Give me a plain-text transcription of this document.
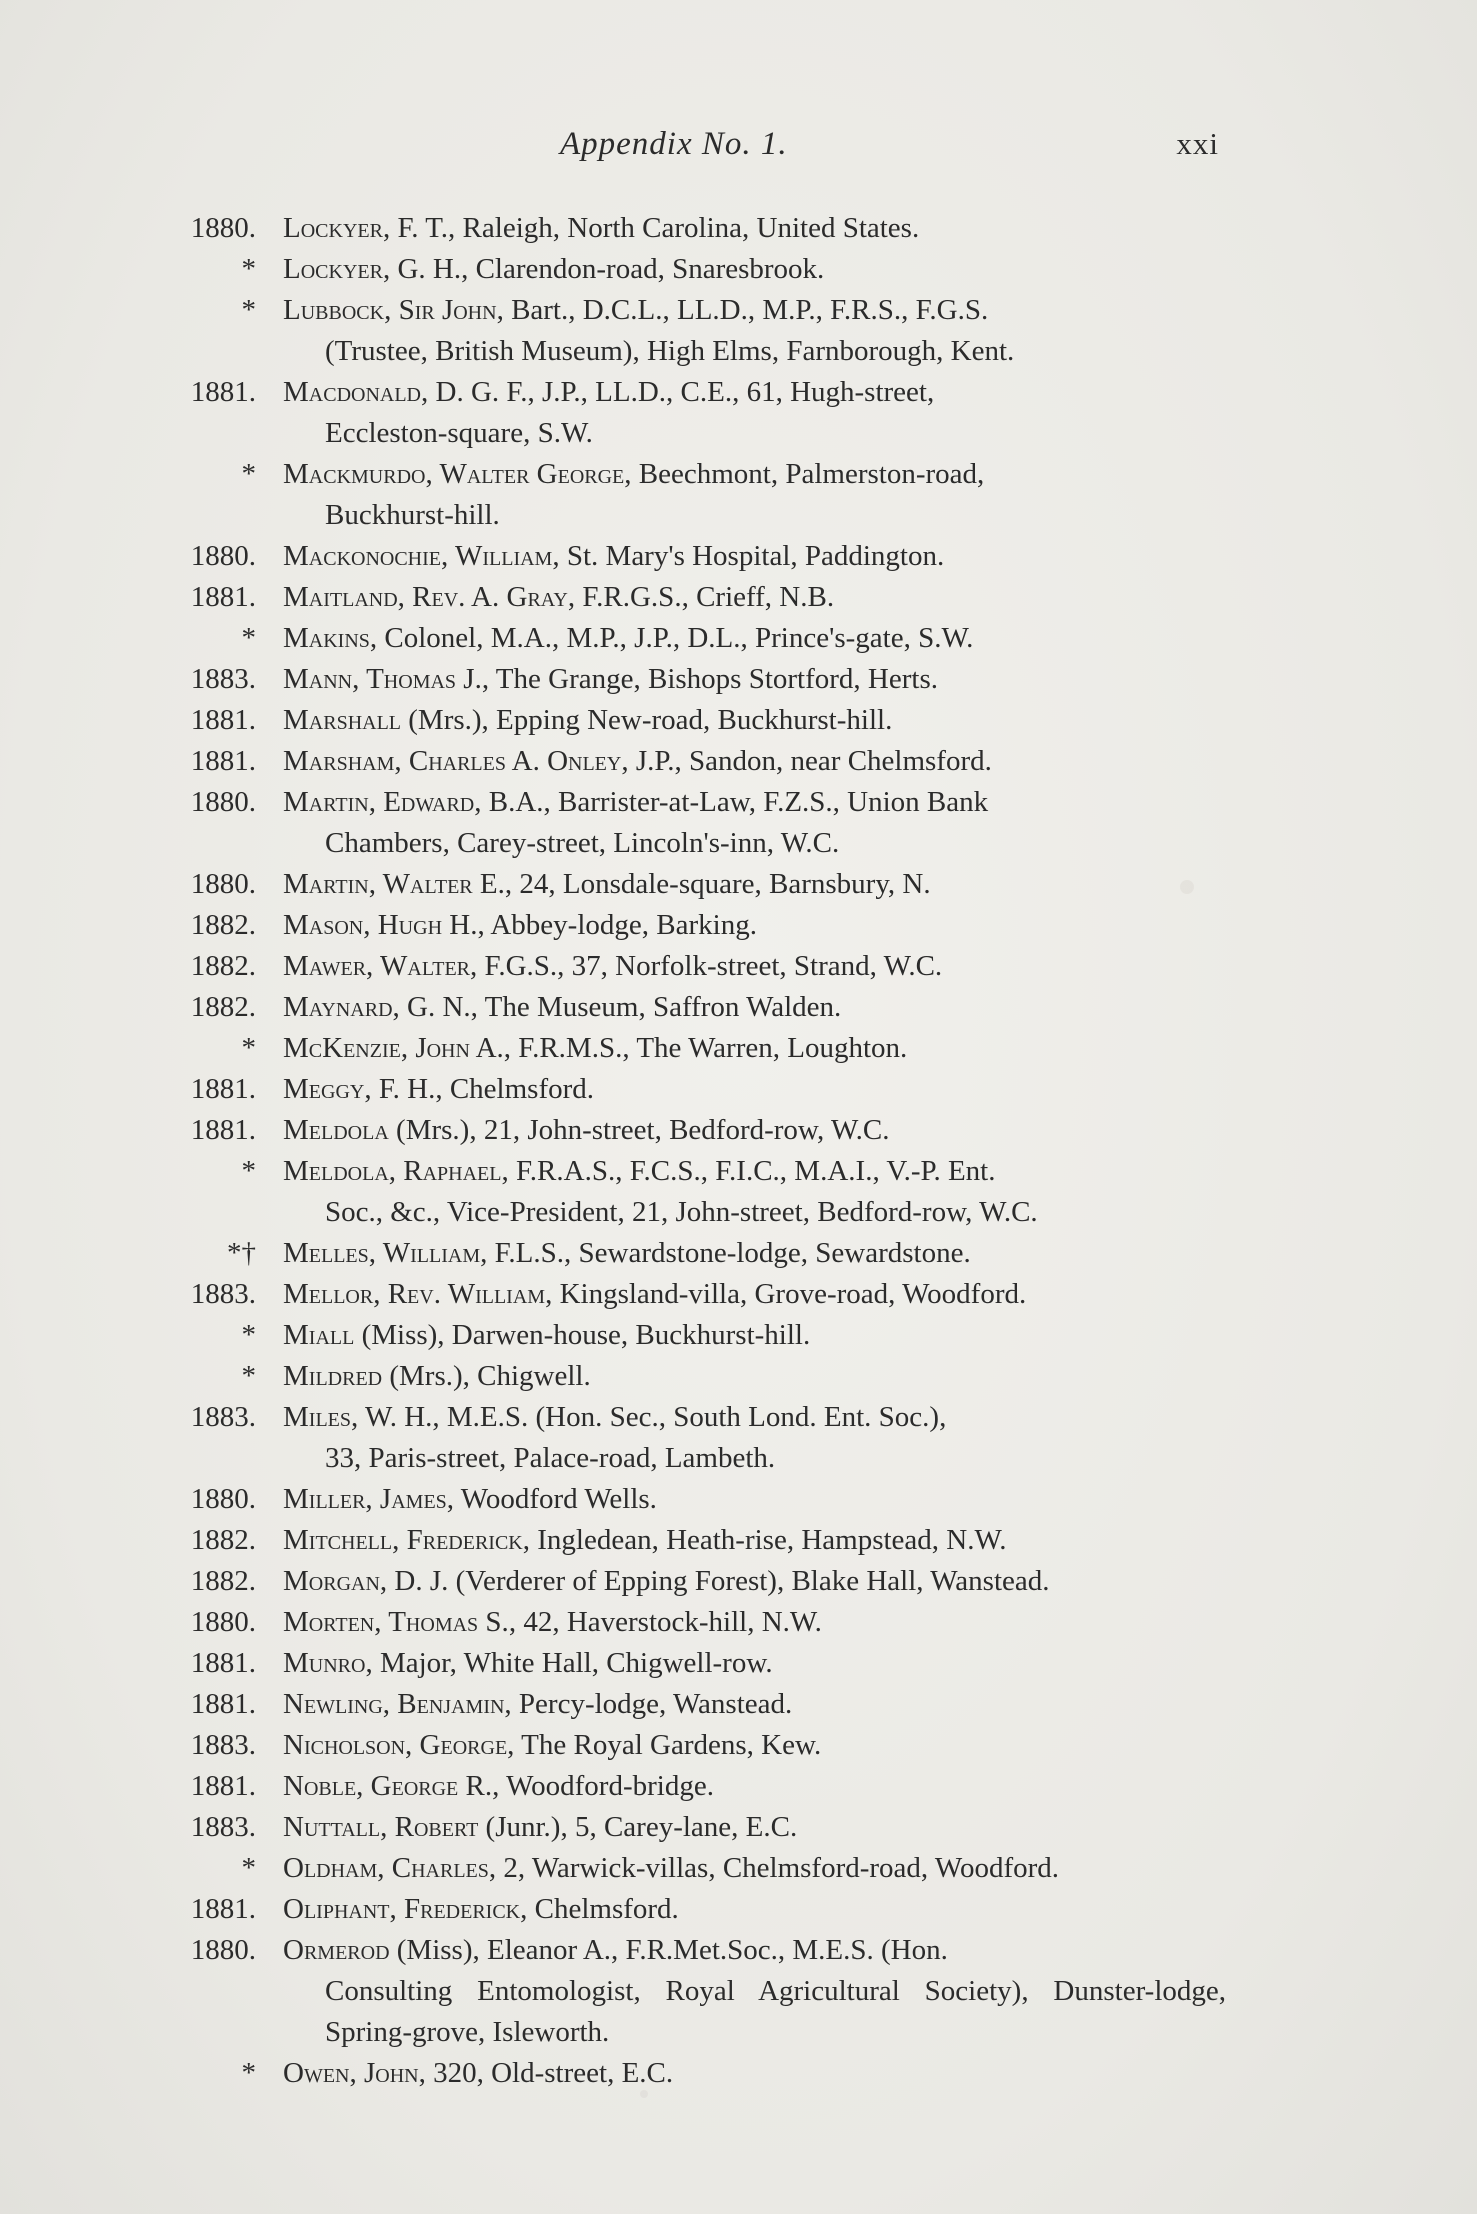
Appendix No. 1.	xxi
1880. Lockyer, F. T., Raleigh, North Carolina, United States.
* Lockyer, G. H., Clarendon-road, Snaresbrook.
* Lubbock, Sir John, Bart., D.C.L., LL.D., M.P., F.R.S., F.G.S.
(Trustee, British Museum), High Elms, Farnborough, Kent.
1881. Macdonald, D. G. F., J.P., LL.D., C.E., 61, Hugh-street,
Eccleston-square, S.W.
* Mackmurdo, Walter George, Beechmont, Palmerston-road,
Buckhurst-hill.
1880. Mackonochie, William, St. Mary's Hospital, Paddington.
1881. Maitland, Rev. A. Gray, F.R.G.S., Crieff, N.B.
* Makins, Colonel, M.A., M.P., J.P., D.L., Prince's-gate, S.W.
1883. Mann, Thomas J., The Grange, Bishops Stortford, Herts.
1881. Marshall (Mrs.), Epping New-road, Buckhurst-hill.
1881. Marsham, Charles A. Onley, J.P., Sandon, near Chelmsford.
1880. Martin, Edward, B.A., Barrister-at-Law, F.Z.S., Union Bank
Chambers, Carey-street, Lincoln's-inn, W.C.
1880. Martin, Walter E., 24, Lonsdale-square, Barnsbury, N.
1882. Mason, Hugh H., Abbey-lodge, Barking.
1882. Mawer, Walter, F.G.S., 37, Norfolk-street, Strand, W.C.
1882. Maynard, G. N., The Museum, Saffron Walden.
* McKenzie, John A., F.R.M.S., The Warren, Loughton.
1881. Meggy, F. H., Chelmsford.
1881. Meldola (Mrs.), 21, John-street, Bedford-row, W.C.
* Meldola, Raphael, F.R.A.S., F.C.S., F.I.C., M.A.I., V.-P. Ent.
Soc., &c., Vice-President, 21, John-street, Bedford-row, W.C.
*† Melles, William, F.L.S., Sewardstone-lodge, Sewardstone.
1883. Mellor, Rev. William, Kingsland-villa, Grove-road, Woodford.
* Miall (Miss), Darwen-house, Buckhurst-hill.
* Mildred (Mrs.), Chigwell.
1883. Miles, W. H., M.E.S. (Hon. Sec., South Lond. Ent. Soc.),
33, Paris-street, Palace-road, Lambeth.
1880. Miller, James, Woodford Wells.
1882. Mitchell, Frederick, Ingledean, Heath-rise, Hampstead, N.W.
1882. Morgan, D. J. (Verderer of Epping Forest), Blake Hall, Wanstead.
1880. Morten, Thomas S., 42, Haverstock-hill, N.W.
1881. Munro, Major, White Hall, Chigwell-row.
1881. Newling, Benjamin, Percy-lodge, Wanstead.
1883. Nicholson, George, The Royal Gardens, Kew.
1881. Noble, George R., Woodford-bridge.
1883. Nuttall, Robert (Junr.), 5, Carey-lane, E.C.
* Oldham, Charles, 2, Warwick-villas, Chelmsford-road, Woodford.
1881. Oliphant, Frederick, Chelmsford.
1880. Ormerod (Miss), Eleanor A., F.R.Met.Soc., M.E.S. (Hon.
Consulting Entomologist, Royal Agricultural Society), Dunster-lodge, Spring-grove, Isleworth.
* Owen, John, 320, Old-street, E.C.
